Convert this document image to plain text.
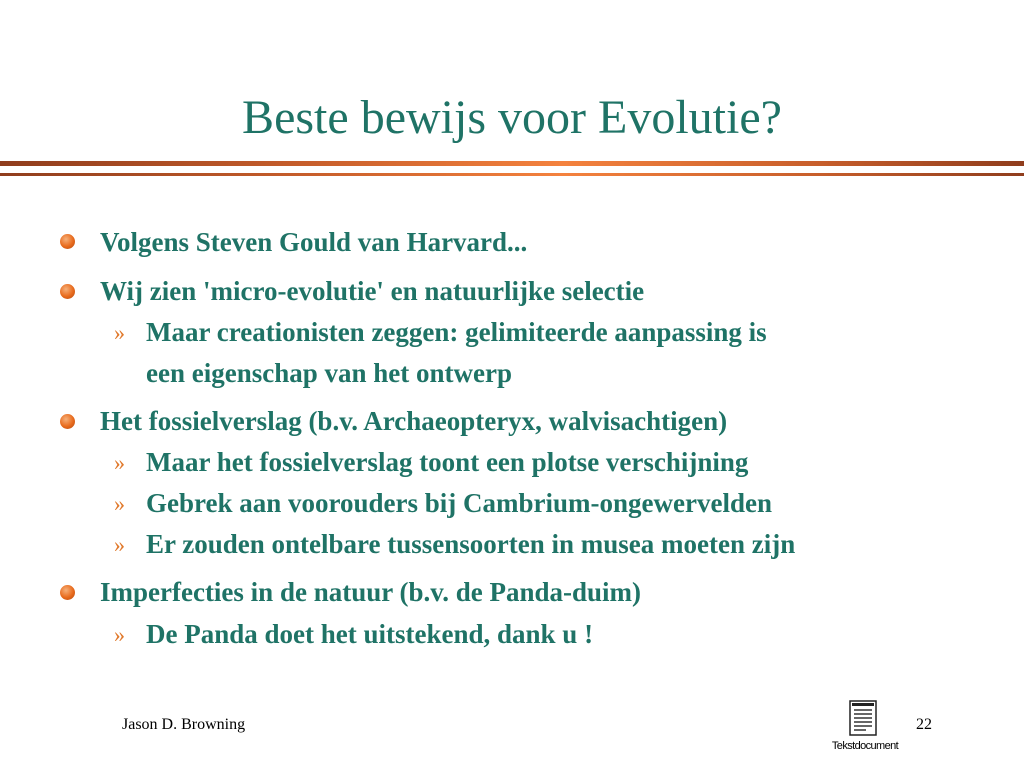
Beste bewijs voor Evolutie?
Volgens Steven Gould van Harvard...
Wij zien 'micro-evolutie' en natuurlijke selectie
» Maar creationisten zeggen: gelimiteerde aanpassing is
een eigenschap van het ontwerp
Het fossielverslag (b.v. Archaeopteryx, walvisachtigen)
» Maar het fossielverslag toont een plotse verschijning
» Gebrek aan voorouders bij Cambrium-ongewervelden
» Er zouden ontelbare tussensoorten in musea moeten zijn
Imperfecties in de natuur (b.v. de Panda-duim)
» De Panda doet het uitstekend, dank u !
Jason D. Browning
Tekstdocument
22
